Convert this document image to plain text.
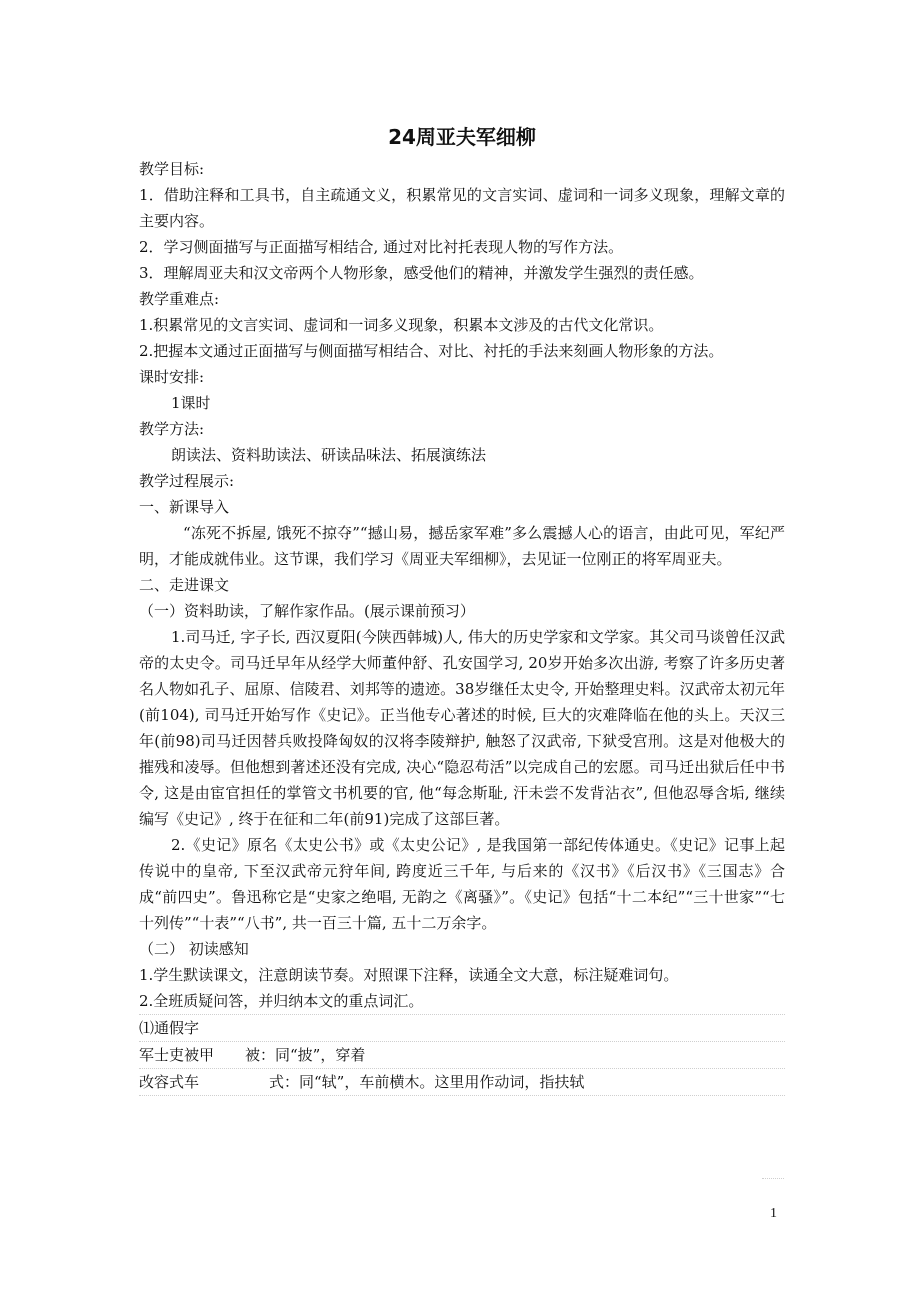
24周亚夫军细柳
教学目标:
1．借助注释和工具书，自主疏通文义，积累常见的文言实词、虚词和一词多义现象，理解文章的主要内容。
2．学习侧面描写与正面描写相结合, 通过对比衬托表现人物的写作方法。
3．理解周亚夫和汉文帝两个人物形象，感受他们的精神，并激发学生强烈的责任感。
教学重难点:
1.积累常见的文言实词、虚词和一词多义现象，积累本文涉及的古代文化常识。
2.把握本文通过正面描写与侧面描写相结合、对比、衬托的手法来刻画人物形象的方法。
课时安排:
1课时
教学方法:
朗读法、资料助读法、研读品味法、拓展演练法
教学过程展示:
一、新课导入
“冻死不拆屋, 饿死不掠夺”“撼山易，撼岳家军难”多么震撼人心的语言，由此可见，军纪严明，才能成就伟业。这节课，我们学习《周亚夫军细柳》，去见证一位刚正的将军周亚夫。
二、走进课文
（一）资料助读，了解作家作品。(展示课前预习）
1.司马迁, 字子长, 西汉夏阳(今陕西韩城)人, 伟大的历史学家和文学家。其父司马谈曾任汉武帝的太史令。司马迁早年从经学大师董仲舒、孔安国学习, 20岁开始多次出游, 考察了许多历史著名人物如孔子、屈原、信陵君、刘邦等的遗迹。38岁继任太史令, 开始整理史料。汉武帝太初元年(前104), 司马迁开始写作《史记》。正当他专心著述的时候, 巨大的灾难降临在他的头上。天汉三年(前98)司马迁因替兵败投降匈奴的汉将李陵辩护, 触怒了汉武帝, 下狱受宫刑。这是对他极大的摧残和凌辱。但他想到著述还没有完成, 决心“隐忍苟活”以完成自己的宏愿。司马迁出狱后任中书令, 这是由宦官担任的掌管文书机要的官, 他“每念斯耻, 汗未尝不发背沾衣”, 但他忍辱含垢, 继续编写《史记》, 终于在征和二年(前91)完成了这部巨著。
2.《史记》原名《太史公书》或《太史公记》, 是我国第一部纪传体通史。《史记》记事上起传说中的皇帝, 下至汉武帝元狩年间, 跨度近三千年, 与后来的《汉书》《后汉书》《三国志》合成“前四史”。鲁迅称它是“史家之绝唱, 无韵之《离骚》”。《史记》包括“十二本纪”“三十世家”“七十列传”“十表”“八书”, 共一百三十篇, 五十二万余字。
（二） 初读感知
1.学生默读课文，注意朗读节奏。对照课下注释，读通全文大意，标注疑难词句。
2.全班质疑问答，并归纳本文的重点词汇。
⑴通假字
军士吏被甲	被：同“披”，穿着
改容式车	式：同“轼”，车前横木。这里用作动词，指扶轼
1
